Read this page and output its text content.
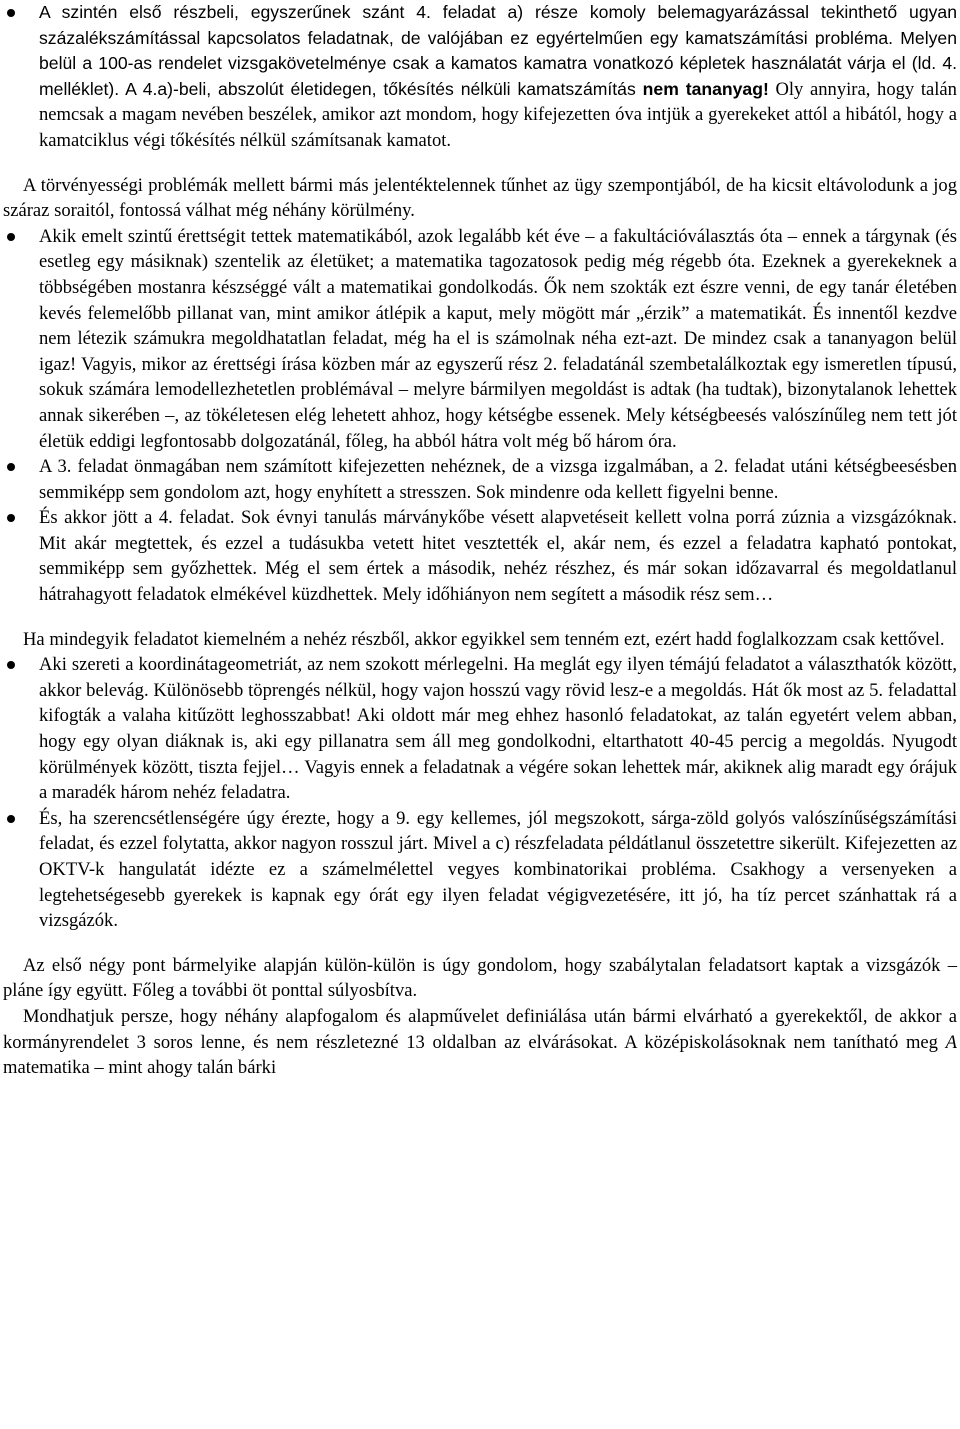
A szintén első részbeli, egyszerűnek szánt 4. feladat a) része komoly belemagyarázással tekinthető ugyan százalékszámítással kapcsolatos feladatnak, de valójában ez egyértelműen egy kamatszámítási probléma. Melyen belül a 100-as rendelet vizsgakövetelménye csak a kamatos kamatra vonatkozó képletek használatát várja el (ld. 4. melléklet). A 4.a)-beli, abszolút életidegen, tőkésítés nélküli kamatszámítás nem tananyag! Oly annyira, hogy talán nemcsak a magam nevében beszélek, amikor azt mondom, hogy kifejezetten óva intjük a gyerekeket attól a hibától, hogy a kamatciklus végi tőkésítés nélkül számítsanak kamatot.

A törvényességi problémák mellett bármi más jelentéktelennek tűnhet az ügy szempontjából, de ha kicsit eltávolodunk a jog száraz soraitól, fontossá válhat még néhány körülmény.

Akik emelt szintű érettségit tettek matematikából, azok legalább két éve – a fakultációválasztás óta – ennek a tárgynak (és esetleg egy másiknak) szentelik az életüket; a matematika tagozatosok pedig még régebb óta. Ezeknek a gyerekeknek a többségében mostanra készséggé vált a matematikai gondolkodás. Ők nem szokták ezt észre venni, de egy tanár életében kevés felemelőbb pillanat van, mint amikor átlépik a kaput, mely mögött már „érzik” a matematikát. És innentől kezdve nem létezik számukra megoldhatatlan feladat, még ha el is számolnak néha ezt-azt. De mindez csak a tananyagon belül igaz! Vagyis, mikor az érettségi írása közben már az egyszerű rész 2. feladatánál szembetalálkoztak egy ismeretlen típusú, sokuk számára lemodellezhetetlen problémával – melyre bármilyen megoldást is adtak (ha tudtak), bizonytalanok lehettek annak sikerében –, az tökéletesen elég lehetett ahhoz, hogy kétségbe essenek. Mely kétségbeesés valószínűleg nem tett jót életük eddigi legfontosabb dolgozatánál, főleg, ha abból hátra volt még bő három óra.
A 3. feladat önmagában nem számított kifejezetten nehéznek, de a vizsga izgalmában, a 2. feladat utáni kétségbeesésben semmiképp sem gondolom azt, hogy enyhített a stresszen. Sok mindenre oda kellett figyelni benne.
És akkor jött a 4. feladat. Sok évnyi tanulás márványkőbe vésett alapvetéseit kellett volna porrá zúznia a vizsgázóknak. Mit akár megtettek, és ezzel a tudásukba vetett hitet vesztették el, akár nem, és ezzel a feladatra kapható pontokat, semmiképp sem győzhettek. Még el sem értek a második, nehéz részhez, és már sokan időzavarral és megoldatlanul hátrahagyott feladatok elmékével küzdhettek. Mely időhiányon nem segített a második rész sem…

Ha mindegyik feladatot kiemelném a nehéz részből, akkor egyikkel sem tenném ezt, ezért hadd foglalkozzam csak kettővel.

Aki szereti a koordinátageometriát, az nem szokott mérlegelni. Ha meglát egy ilyen témájú feladatot a választhatók között, akkor belevág. Különösebb töprengés nélkül, hogy vajon hosszú vagy rövid lesz-e a megoldás. Hát ők most az 5. feladattal kifogták a valaha kitűzött leghosszabbat! Aki oldott már meg ehhez hasonló feladatokat, az talán egyetért velem abban, hogy egy olyan diáknak is, aki egy pillanatra sem áll meg gondolkodni, eltarthatott 40-45 percig a megoldás. Nyugodt körülmények között, tiszta fejjel… Vagyis ennek a feladatnak a végére sokan lehettek már, akiknek alig maradt egy órájuk a maradék három nehéz feladatra.
És, ha szerencsétlenségére úgy érezte, hogy a 9. egy kellemes, jól megszokott, sárga-zöld golyós valószínűségszámítási feladat, és ezzel folytatta, akkor nagyon rosszul járt. Mivel a c) részfeladata példátlanul összetettre sikerült. Kifejezetten az OKTV-k hangulatát idézte ez a számelmélettel vegyes kombinatorikai probléma. Csakhogy a versenyeken a legtehetségesebb gyerekek is kapnak egy órát egy ilyen feladat végigvezetésére, itt jó, ha tíz percet szánhattak rá a vizsgázók.

Az első négy pont bármelyike alapján külön-külön is úgy gondolom, hogy szabálytalan feladatsort kaptak a vizsgázók – pláne így együtt. Főleg a további öt ponttal súlyosbítva.

Mondhatjuk persze, hogy néhány alapfogalom és alapművelet definiálása után bármi elvárható a gyerekektől, de akkor a kormányrendelet 3 soros lenne, és nem részletezné 13 oldalban az elvárásokat. A középiskolásoknak nem tanítható meg A matematika – mint ahogy talán bárki
